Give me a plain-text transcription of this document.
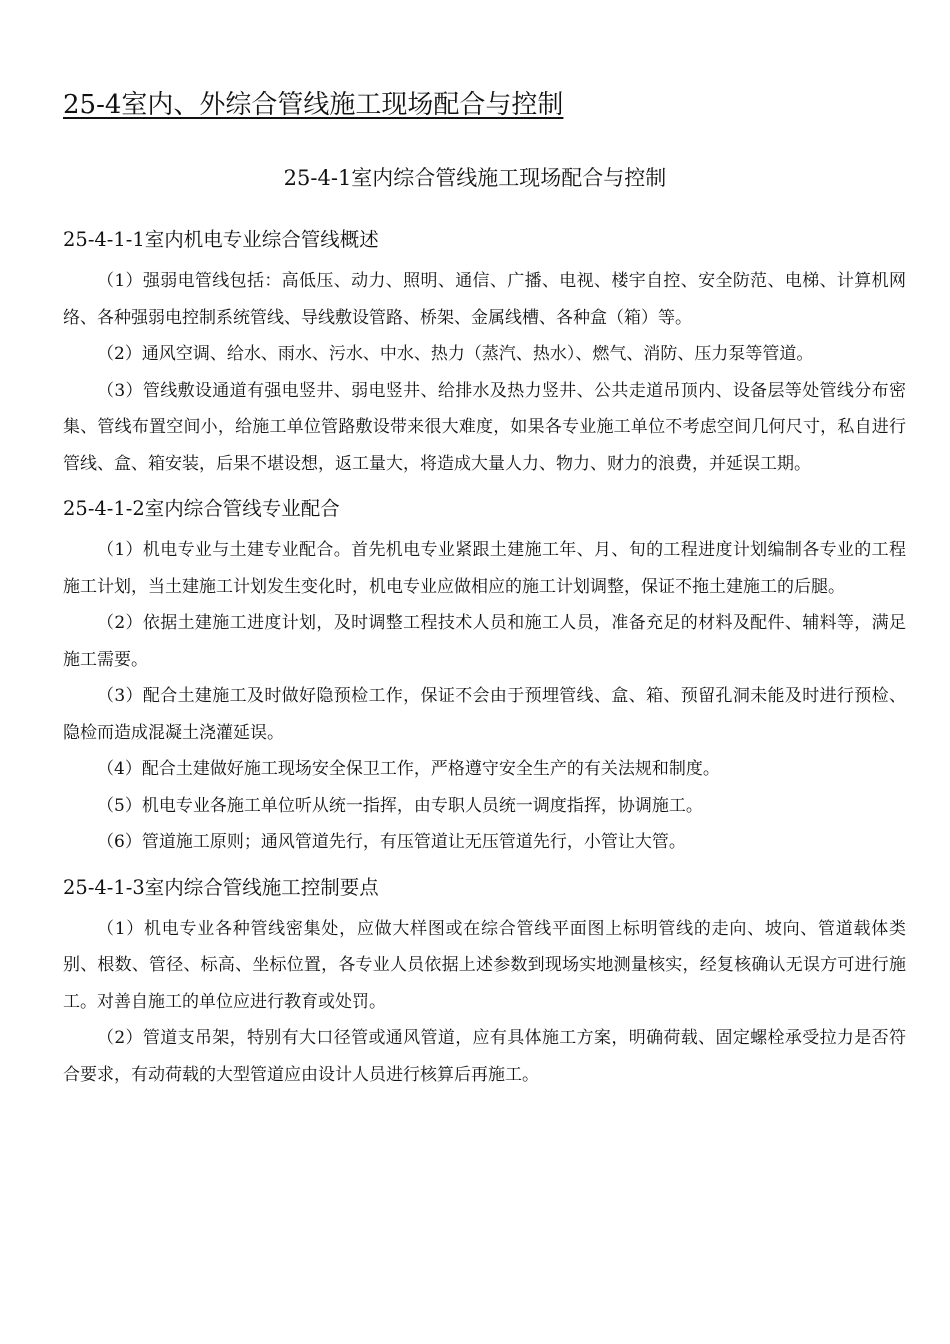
25-4室内、外综合管线施工现场配合与控制
25-4-1室内综合管线施工现场配合与控制
25-4-1-1室内机电专业综合管线概述

（1）强弱电管线包括：高低压、动力、照明、通信、广播、电视、楼宇自控、安全防范、电梯、计算机网络、各种强弱电控制系统管线、导线敷设管路、桥架、金属线槽、各种盒（箱）等。

（2）通风空调、给水、雨水、污水、中水、热力（蒸汽、热水）、燃气、消防、压力泵等管道。

（3）管线敷设通道有强电竖井、弱电竖井、给排水及热力竖井、公共走道吊顶内、设备层等处管线分布密集、管线布置空间小，给施工单位管路敷设带来很大难度，如果各专业施工单位不考虑空间几何尺寸，私自进行管线、盒、箱安装，后果不堪设想，返工量大，将造成大量人力、物力、财力的浪费，并延误工期。

25-4-1-2室内综合管线专业配合

（1）机电专业与土建专业配合。首先机电专业紧跟土建施工年、月、旬的工程进度计划编制各专业的工程施工计划，当土建施工计划发生变化时，机电专业应做相应的施工计划调整，保证不拖土建施工的后腿。

（2）依据土建施工进度计划，及时调整工程技术人员和施工人员，准备充足的材料及配件、辅料等，满足施工需要。

（3）配合土建施工及时做好隐预检工作，保证不会由于预埋管线、盒、箱、预留孔洞未能及时进行预检、隐检而造成混凝土浇灌延误。

（4）配合土建做好施工现场安全保卫工作，严格遵守安全生产的有关法规和制度。

（5）机电专业各施工单位听从统一指挥，由专职人员统一调度指挥，协调施工。

（6）管道施工原则；通风管道先行，有压管道让无压管道先行，小管让大管。

25-4-1-3室内综合管线施工控制要点

（1）机电专业各种管线密集处，应做大样图或在综合管线平面图上标明管线的走向、坡向、管道载体类别、根数、管径、标高、坐标位置，各专业人员依据上述参数到现场实地测量核实，经复核确认无误方可进行施工。对善自施工的单位应进行教育或处罚。

（2）管道支吊架，特别有大口径管或通风管道，应有具体施工方案，明确荷载、固定螺栓承受拉力是否符合要求，有动荷载的大型管道应由设计人员进行核算后再施工。
